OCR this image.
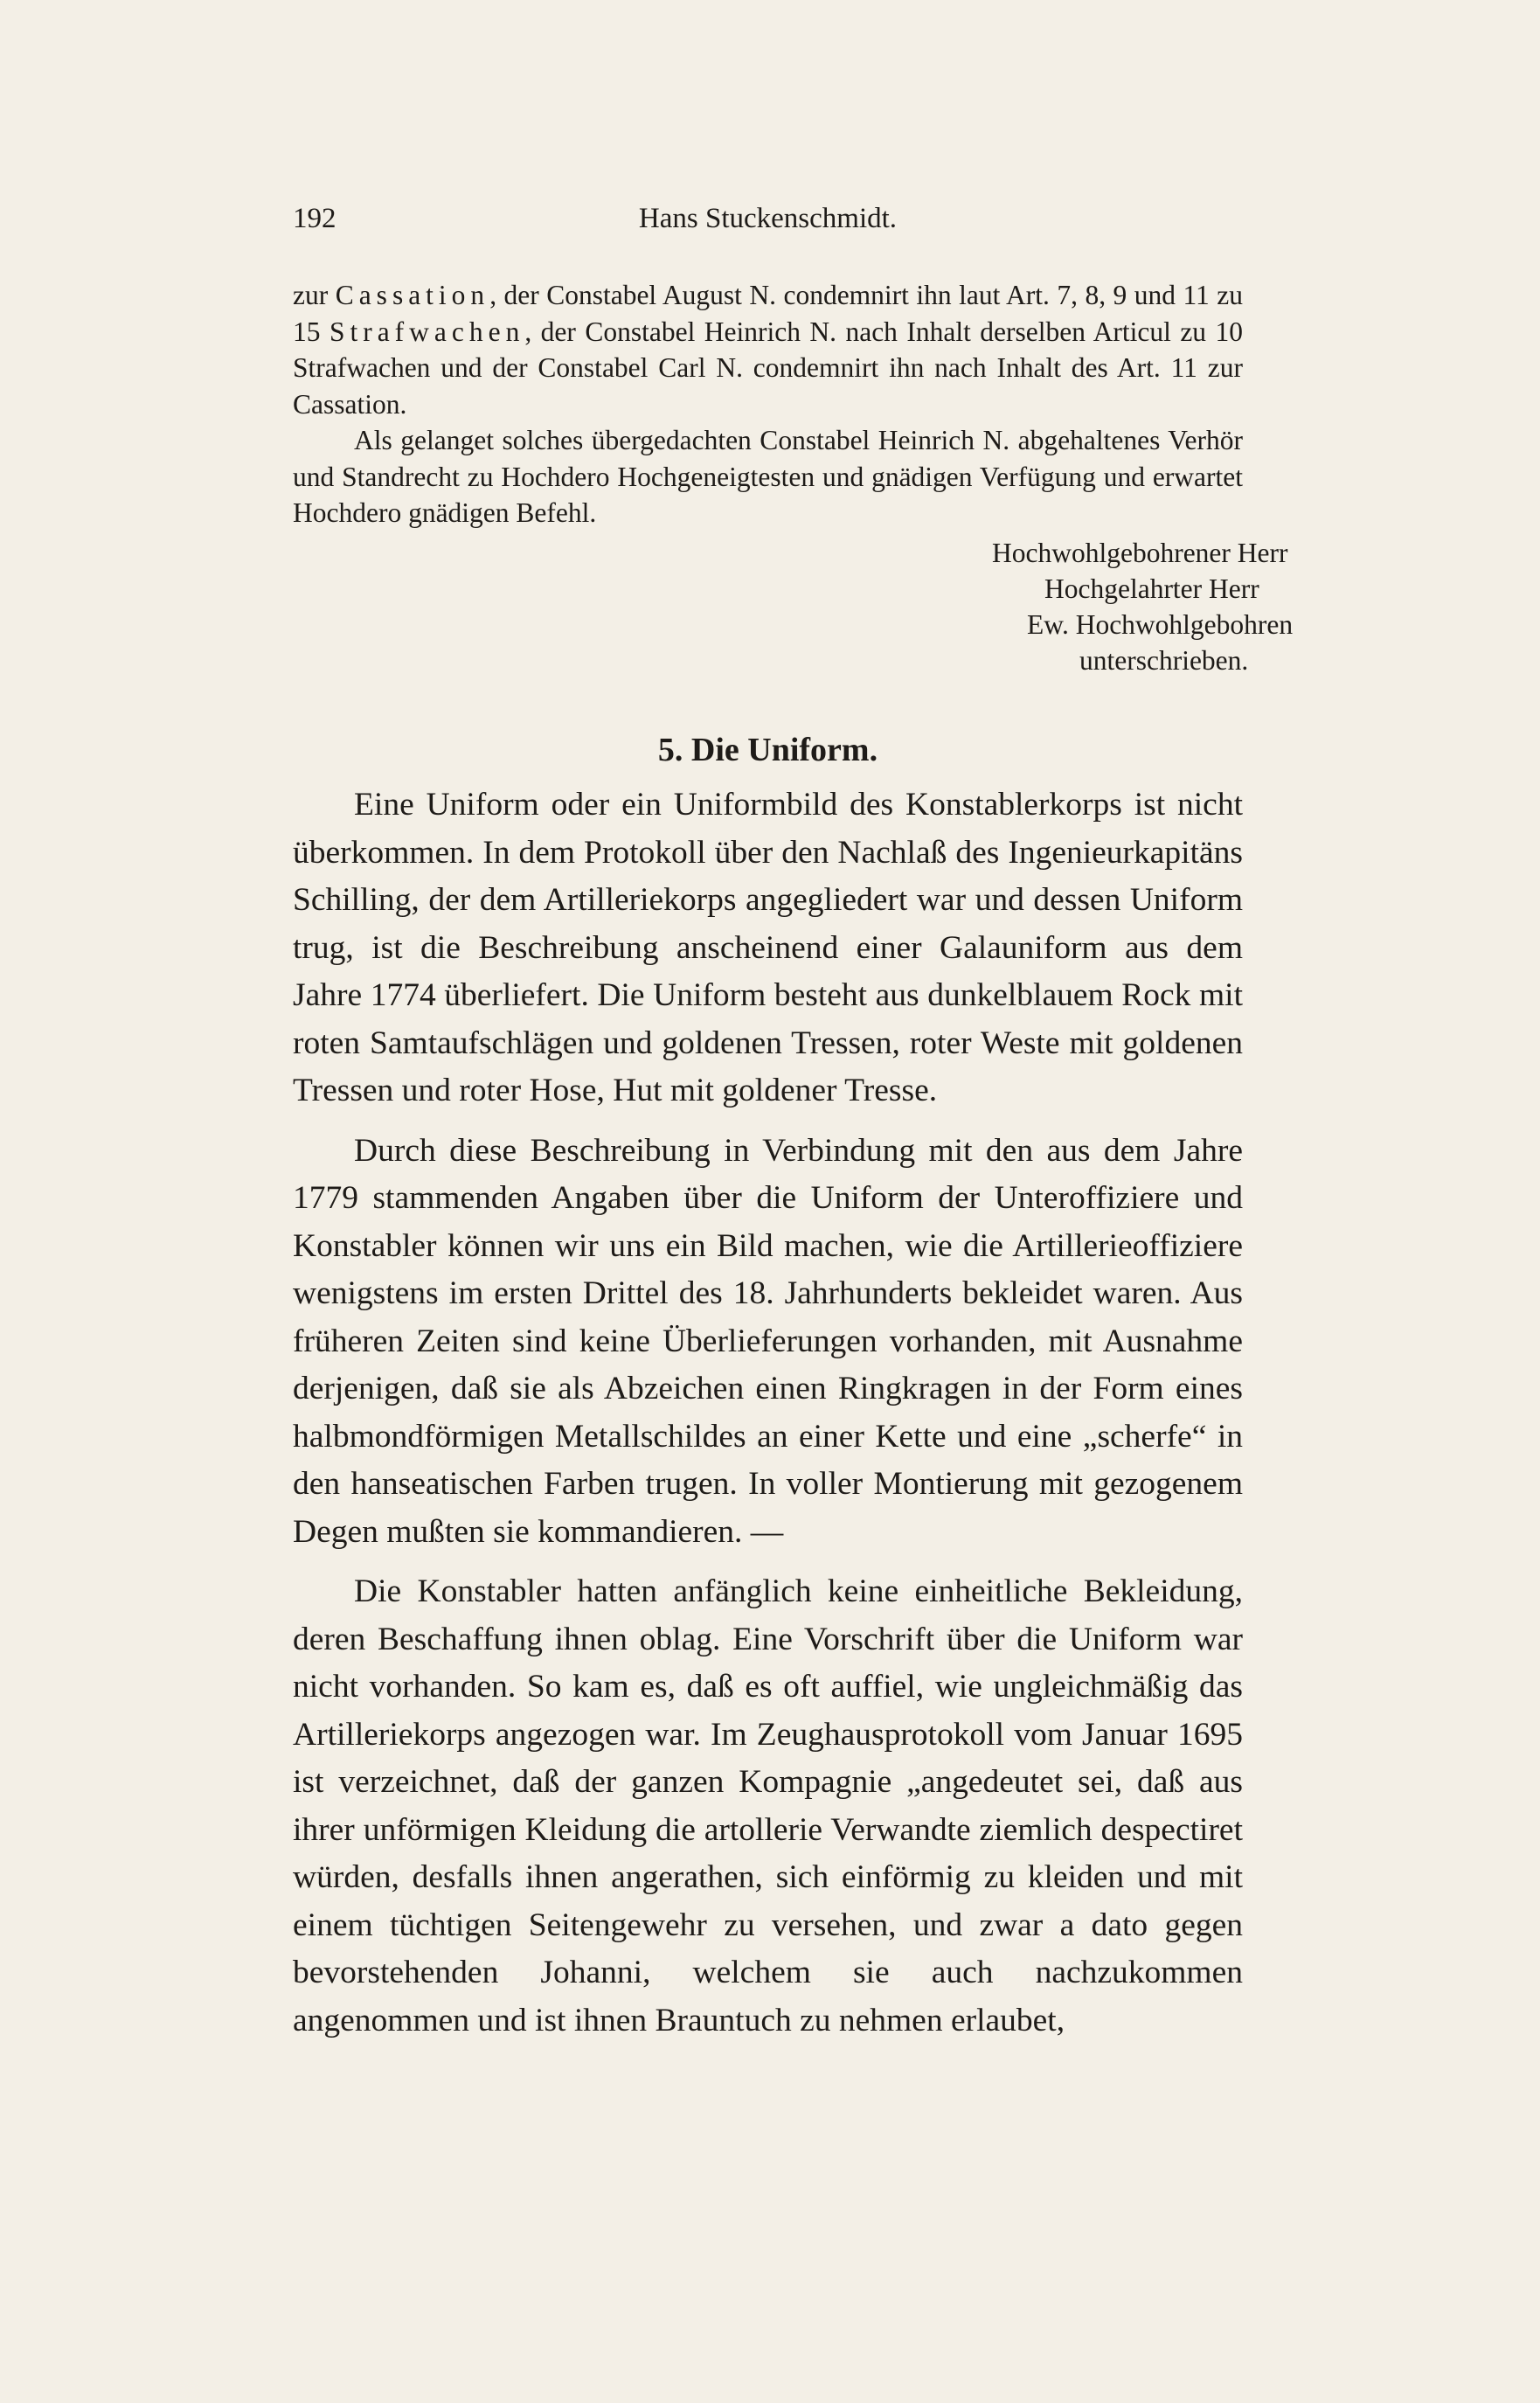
192	Hans Stuckenschmidt.

zur Cassation, der Constabel August N. condemnirt ihn laut Art. 7, 8, 9 und 11 zu 15 Strafwachen, der Constabel Heinrich N. nach Inhalt derselben Articul zu 10 Strafwachen und der Constabel Carl N. condemnirt ihn nach Inhalt des Art. 11 zur Cassation.

Als gelanget solches übergedachten Constabel Heinrich N. abgehaltenes Verhör und Standrecht zu Hochdero Hochgeneigtesten und gnädigen Verfügung und erwartet Hochdero gnädigen Befehl.

Hochwohlgebohrener Herr
Hochgelahrter Herr
Ew. Hochwohlgebohren
unterschrieben.
5. Die Uniform.

Eine Uniform oder ein Uniformbild des Konstablerkorps ist nicht überkommen. In dem Protokoll über den Nachlaß des Ingenieurkapitäns Schilling, der dem Artilleriekorps angegliedert war und dessen Uniform trug, ist die Beschreibung anscheinend einer Galauniform aus dem Jahre 1774 überliefert. Die Uniform besteht aus dunkelblauem Rock mit roten Samtaufschlägen und goldenen Tressen, roter Weste mit goldenen Tressen und roter Hose, Hut mit goldener Tresse.

Durch diese Beschreibung in Verbindung mit den aus dem Jahre 1779 stammenden Angaben über die Uniform der Unteroffiziere und Konstabler können wir uns ein Bild machen, wie die Artillerieoffiziere wenigstens im ersten Drittel des 18. Jahrhunderts bekleidet waren. Aus früheren Zeiten sind keine Überlieferungen vorhanden, mit Ausnahme derjenigen, daß sie als Abzeichen einen Ringkragen in der Form eines halbmondförmigen Metallschildes an einer Kette und eine „scherfe“ in den hanseatischen Farben trugen. In voller Montierung mit gezogenem Degen mußten sie kommandieren. —

Die Konstabler hatten anfänglich keine einheitliche Bekleidung, deren Beschaffung ihnen oblag. Eine Vorschrift über die Uniform war nicht vorhanden. So kam es, daß es oft auffiel, wie ungleichmäßig das Artilleriekorps angezogen war. Im Zeughausprotokoll vom Januar 1695 ist verzeichnet, daß der ganzen Kompagnie „angedeutet sei, daß aus ihrer unförmigen Kleidung die artollerie Verwandte ziemlich despectiret würden, desfalls ihnen angerathen, sich einförmig zu kleiden und mit einem tüchtigen Seitengewehr zu versehen, und zwar a dato gegen bevorstehenden Johanni, welchem sie auch nachzukommen angenommen und ist ihnen Brauntuch zu nehmen erlaubet,
